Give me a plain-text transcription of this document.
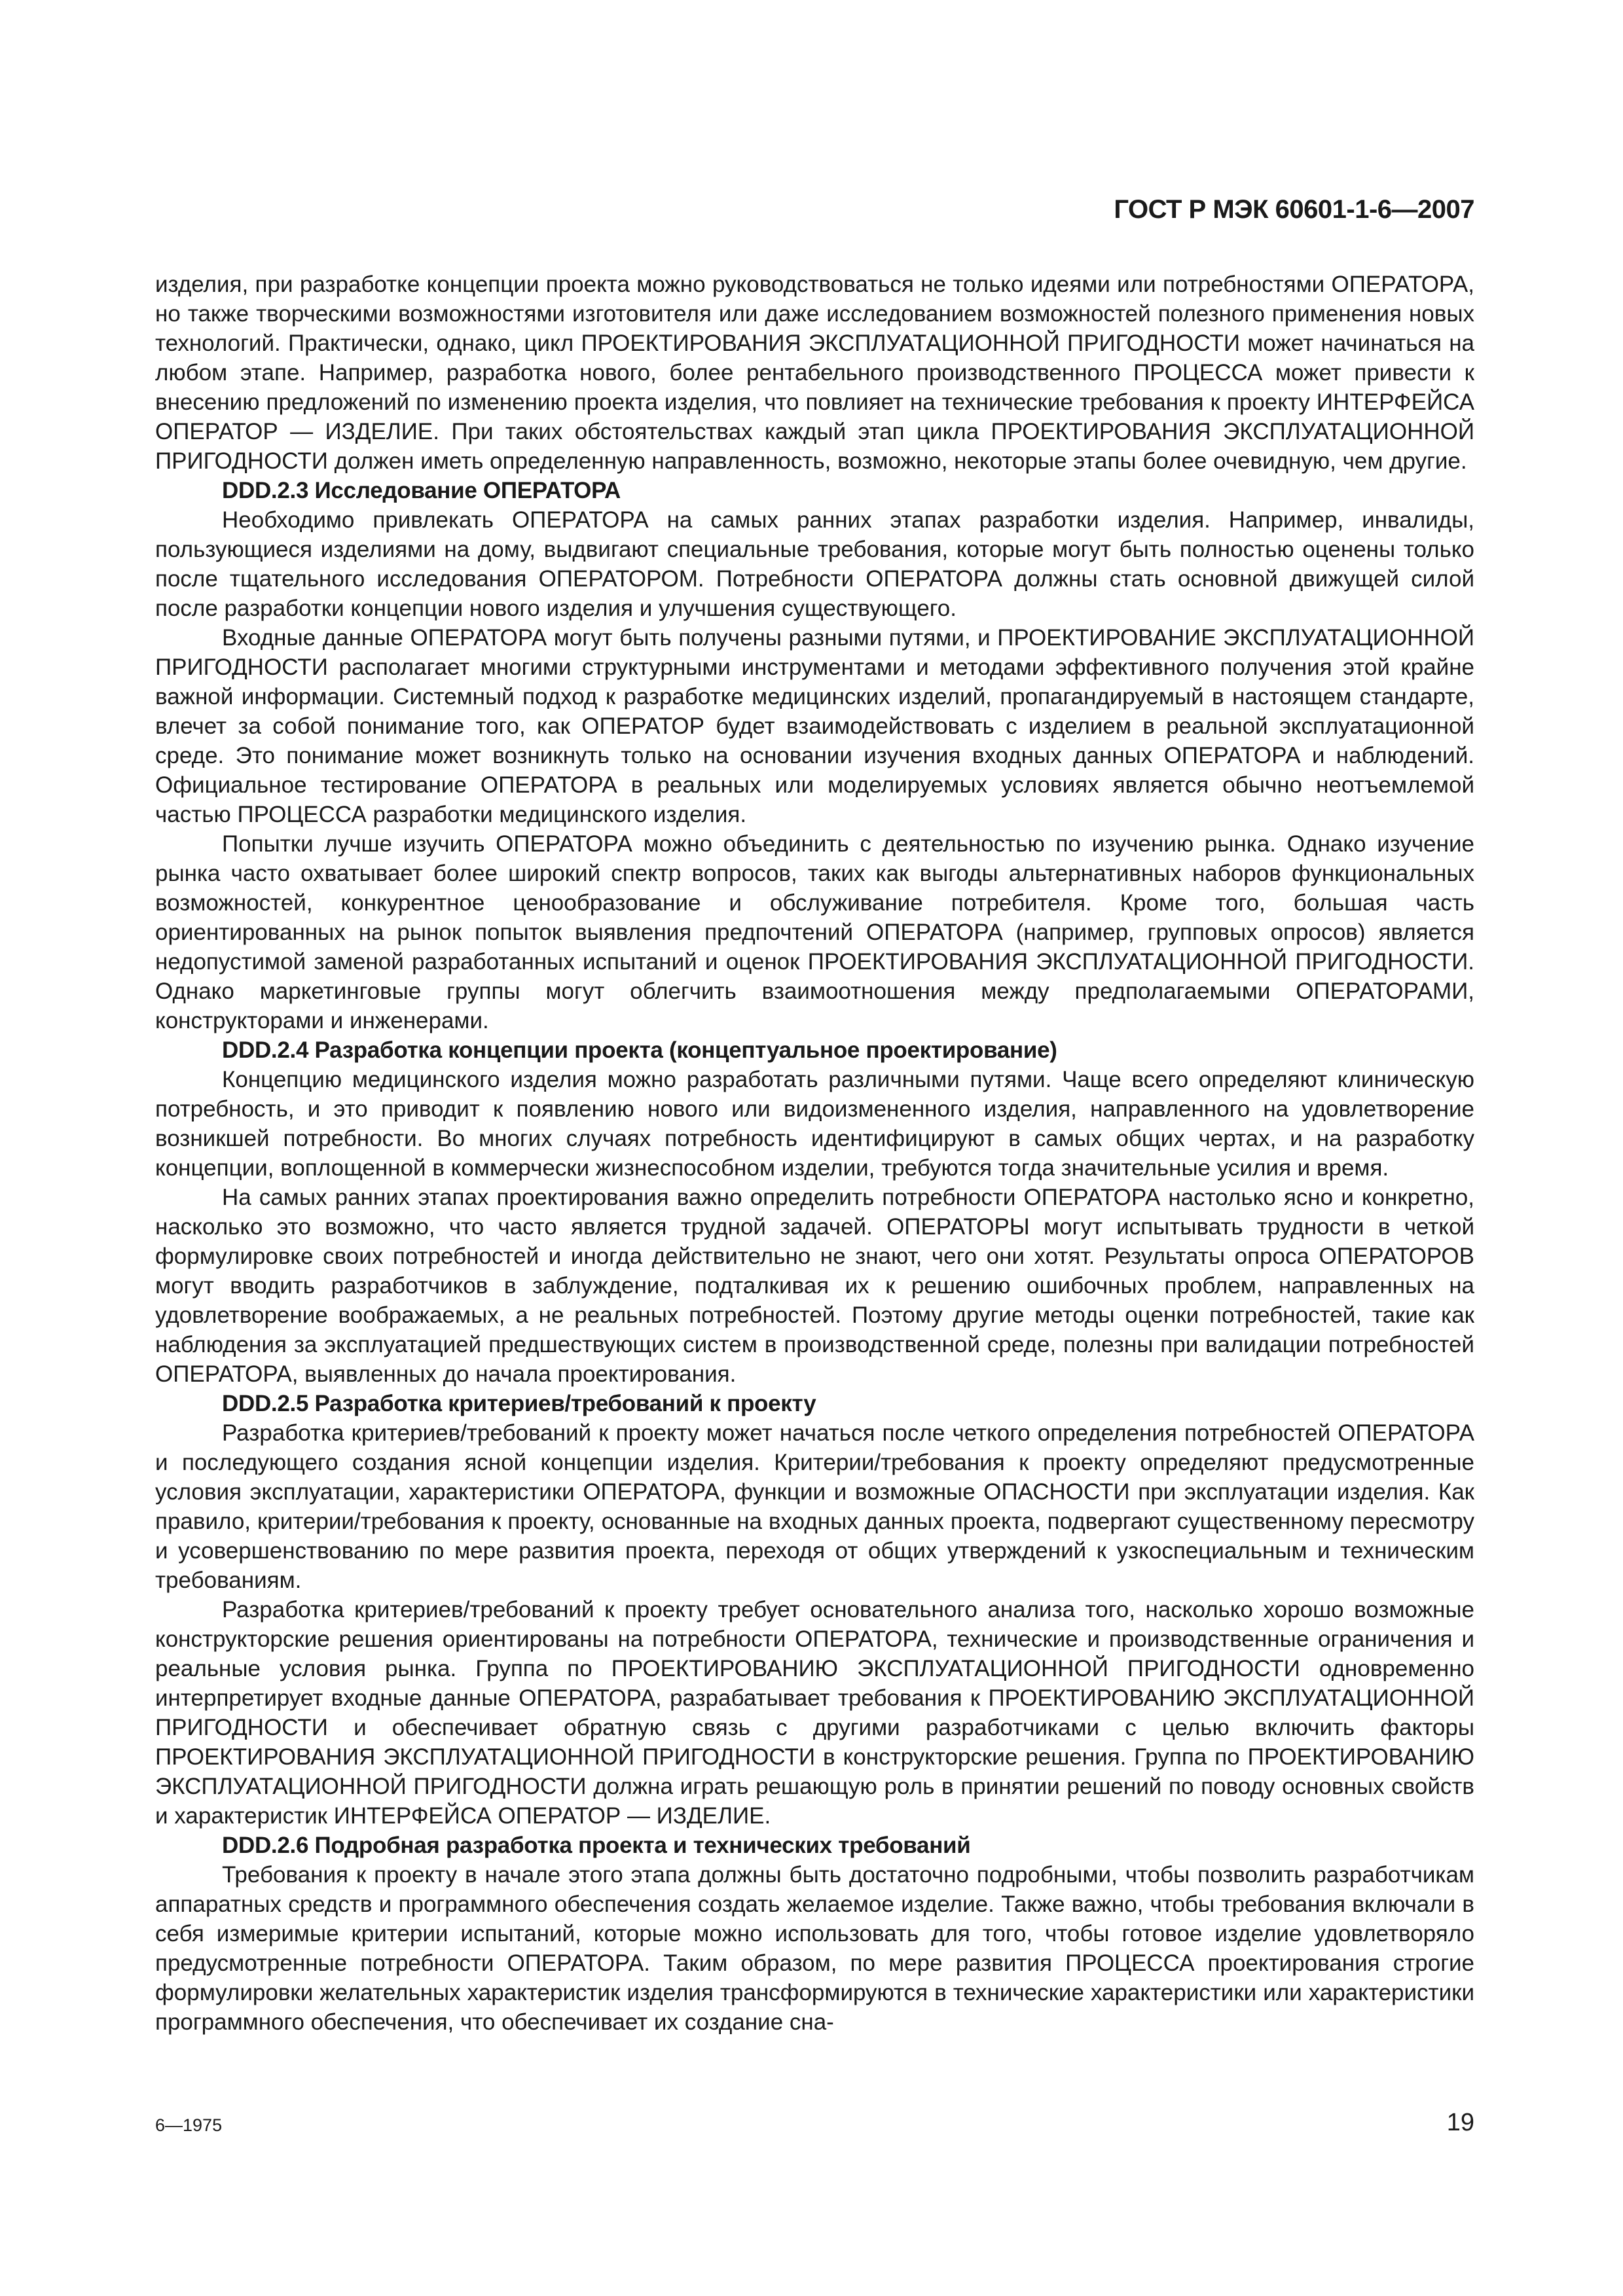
ГОСТ Р МЭК 60601-1-6—2007

изделия, при разработке концепции проекта можно руководствоваться не только идеями или потребностями ОПЕРАТОРА, но также творческими возможностями изготовителя или даже исследованием возможностей полезного применения новых технологий. Практически, однако, цикл ПРОЕКТИРОВАНИЯ ЭКСПЛУАТАЦИОННОЙ ПРИГОДНОСТИ может начинаться на любом этапе. Например, разработка нового, более рентабельного производственного ПРОЦЕССА может привести к внесению предложений по изменению проекта изделия, что повлияет на технические требования к проекту ИНТЕРФЕЙСА ОПЕРАТОР — ИЗДЕЛИЕ. При таких обстоятельствах каждый этап цикла ПРОЕКТИРОВАНИЯ ЭКСПЛУАТАЦИОННОЙ ПРИГОДНОСТИ должен иметь определенную направленность, возможно, некоторые этапы более очевидную, чем другие.

DDD.2.3 Исследование ОПЕРАТОРА

Необходимо привлекать ОПЕРАТОРА на самых ранних этапах разработки изделия. Например, инвалиды, пользующиеся изделиями на дому, выдвигают специальные требования, которые могут быть полностью оценены только после тщательного исследования ОПЕРАТОРОМ. Потребности ОПЕРАТОРА должны стать основной движущей силой после разработки концепции нового изделия и улучшения существующего.

Входные данные ОПЕРАТОРА могут быть получены разными путями, и ПРОЕКТИРОВАНИЕ ЭКСПЛУАТАЦИОННОЙ ПРИГОДНОСТИ располагает многими структурными инструментами и методами эффективного получения этой крайне важной информации. Системный подход к разработке медицинских изделий, пропагандируемый в настоящем стандарте, влечет за собой понимание того, как ОПЕРАТОР будет взаимодействовать с изделием в реальной эксплуатационной среде. Это понимание может возникнуть только на основании изучения входных данных ОПЕРАТОРА и наблюдений. Официальное тестирование ОПЕРАТОРА в реальных или моделируемых условиях является обычно неотъемлемой частью ПРОЦЕССА разработки медицинского изделия.

Попытки лучше изучить ОПЕРАТОРА можно объединить с деятельностью по изучению рынка. Однако изучение рынка часто охватывает более широкий спектр вопросов, таких как выгоды альтернативных наборов функциональных возможностей, конкурентное ценообразование и обслуживание потребителя. Кроме того, большая часть ориентированных на рынок попыток выявления предпочтений ОПЕРАТОРА (например, групповых опросов) является недопустимой заменой разработанных испытаний и оценок ПРОЕКТИРОВАНИЯ ЭКСПЛУАТАЦИОННОЙ ПРИГОДНОСТИ. Однако маркетинговые группы могут облегчить взаимоотношения между предполагаемыми ОПЕРАТОРАМИ, конструкторами и инженерами.

DDD.2.4 Разработка концепции проекта (концептуальное проектирование)

Концепцию медицинского изделия можно разработать различными путями. Чаще всего определяют клиническую потребность, и это приводит к появлению нового или видоизмененного изделия, направленного на удовлетворение возникшей потребности. Во многих случаях потребность идентифицируют в самых общих чертах, и на разработку концепции, воплощенной в коммерчески жизнеспособном изделии, требуются тогда значительные усилия и время.

На самых ранних этапах проектирования важно определить потребности ОПЕРАТОРА настолько ясно и конкретно, насколько это возможно, что часто является трудной задачей. ОПЕРАТОРЫ могут испытывать трудности в четкой формулировке своих потребностей и иногда действительно не знают, чего они хотят. Результаты опроса ОПЕРАТОРОВ могут вводить разработчиков в заблуждение, подталкивая их к решению ошибочных проблем, направленных на удовлетворение воображаемых, а не реальных потребностей. Поэтому другие методы оценки потребностей, такие как наблюдения за эксплуатацией предшествующих систем в производственной среде, полезны при валидации потребностей ОПЕРАТОРА, выявленных до начала проектирования.

DDD.2.5 Разработка критериев/требований к проекту

Разработка критериев/требований к проекту может начаться после четкого определения потребностей ОПЕРАТОРА и последующего создания ясной концепции изделия. Критерии/требования к проекту определяют предусмотренные условия эксплуатации, характеристики ОПЕРАТОРА, функции и возможные ОПАСНОСТИ при эксплуатации изделия. Как правило, критерии/требования к проекту, основанные на входных данных проекта, подвергают существенному пересмотру и усовершенствованию по мере развития проекта, переходя от общих утверждений к узкоспециальным и техническим требованиям.

Разработка критериев/требований к проекту требует основательного анализа того, насколько хорошо возможные конструкторские решения ориентированы на потребности ОПЕРАТОРА, технические и производственные ограничения и реальные условия рынка. Группа по ПРОЕКТИРОВАНИЮ ЭКСПЛУАТАЦИОННОЙ ПРИГОДНОСТИ одновременно интерпретирует входные данные ОПЕРАТОРА, разрабатывает требования к ПРОЕКТИРОВАНИЮ ЭКСПЛУАТАЦИОННОЙ ПРИГОДНОСТИ и обеспечивает обратную связь с другими разработчиками с целью включить факторы ПРОЕКТИРОВАНИЯ ЭКСПЛУАТАЦИОННОЙ ПРИГОДНОСТИ в конструкторские решения. Группа по ПРОЕКТИРОВАНИЮ ЭКСПЛУАТАЦИОННОЙ ПРИГОДНОСТИ должна играть решающую роль в принятии решений по поводу основных свойств и характеристик ИНТЕРФЕЙСА ОПЕРАТОР — ИЗДЕЛИЕ.

DDD.2.6 Подробная разработка проекта и технических требований

Требования к проекту в начале этого этапа должны быть достаточно подробными, чтобы позволить разработчикам аппаратных средств и программного обеспечения создать желаемое изделие. Также важно, чтобы требования включали в себя измеримые критерии испытаний, которые можно использовать для того, чтобы готовое изделие удовлетворяло предусмотренные потребности ОПЕРАТОРА. Таким образом, по мере развития ПРОЦЕССА проектирования строгие формулировки желательных характеристик изделия трансформируются в технические характеристики или характеристики программного обеспечения, что обеспечивает их создание сна-

6—1975	19
